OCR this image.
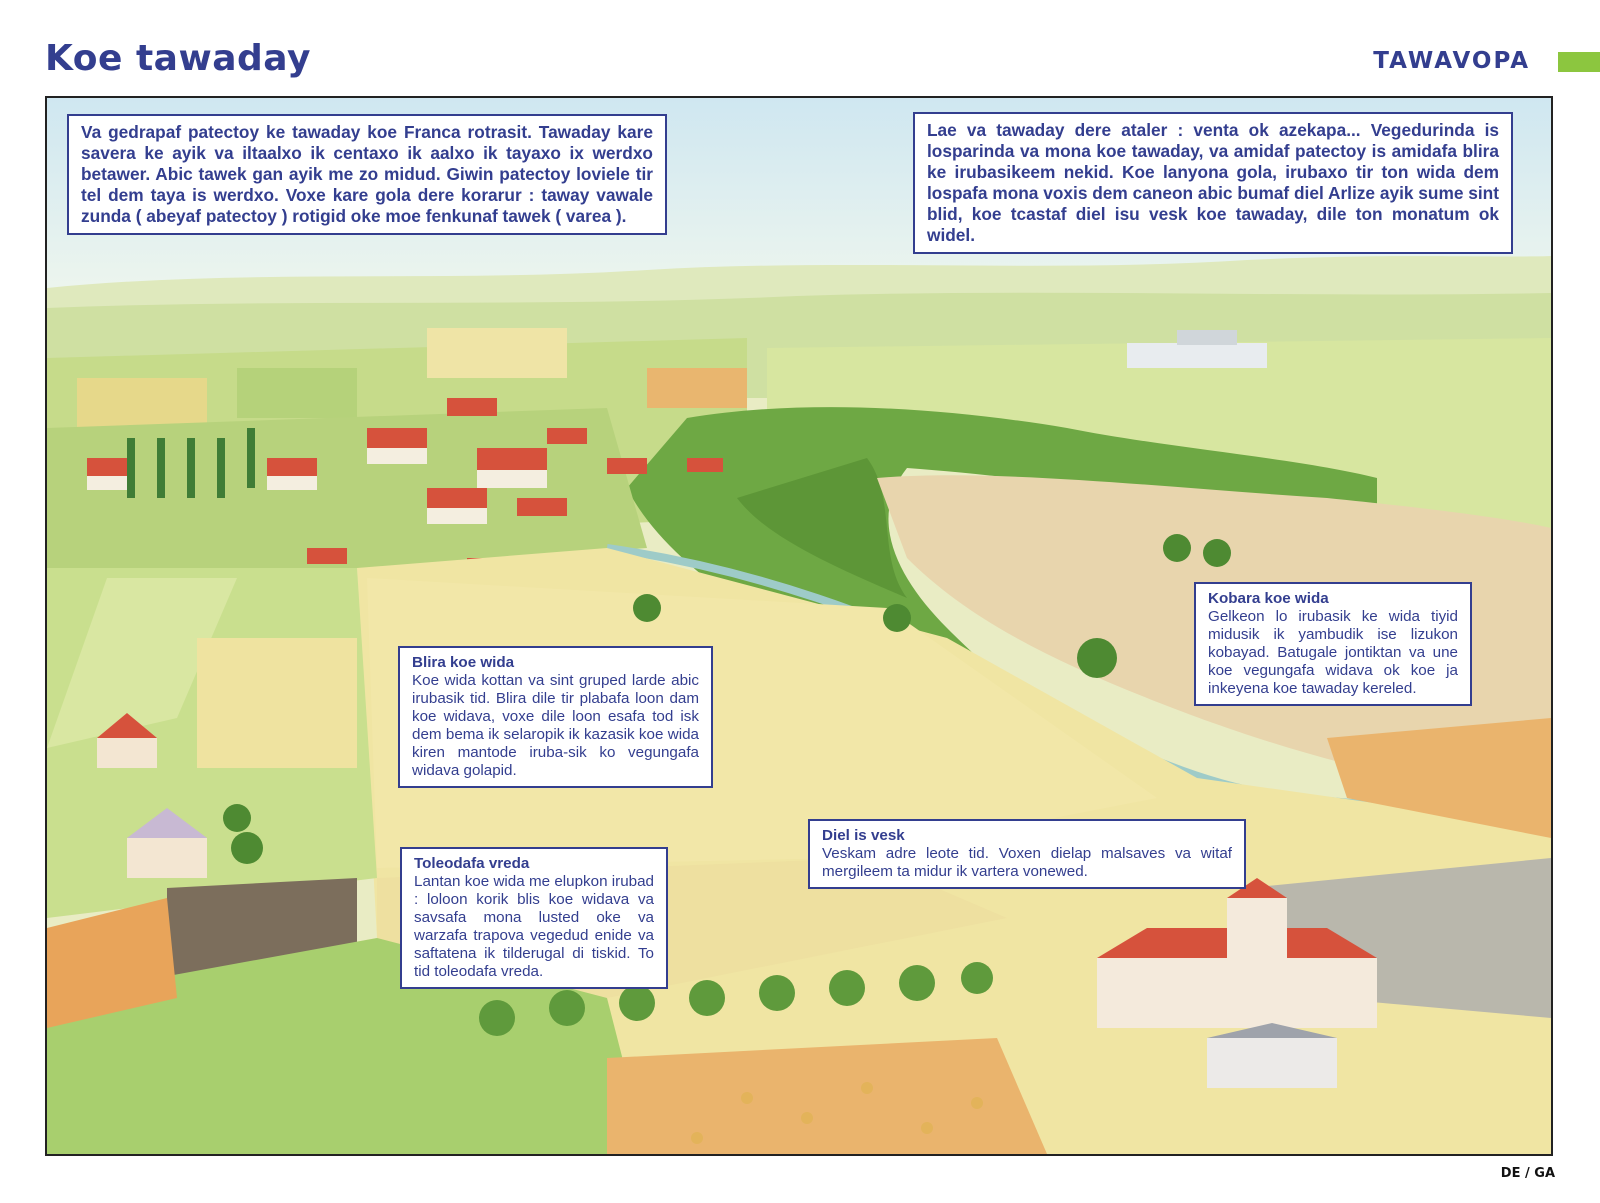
Koe tawaday	TAWAVOPA
Va gedrapaf patectoy ke tawaday koe Franca rotrasit. Tawaday kare savera ke ayik va iltaalxo ik centaxo ik aalxo ik tayaxo ix werdxo betawer. Abic tawek gan ayik me zo midud. Giwin patectoy loviele tir tel dem taya is werdxo. Voxe kare gola dere korarur : taway vawale zunda ( abeyaf patectoy ) rotigid oke moe fenkunaf tawek ( varea ).
Lae va tawaday dere ataler : venta ok azekapa... Vegedurinda is losparinda va mona koe tawaday, va amidaf patectoy is amidafa blira ke irubasikeem nekid. Koe lanyona gola, irubaxo tir ton wida dem lospafa mona voxis dem caneon abic bumaf diel Arlize ayik sume sint blid, koe tcastaf diel isu vesk koe tawaday, dile ton monatum ok widel.
Blira koe wida
Koe wida kottan va sint gruped larde abic irubasik tid. Blira dile tir plabafa loon dam koe widava, voxe dile loon esafa tod isk dem bema ik selaropik ik kazasik koe wida kiren mantode iruba-sik ko vegungafa widava golapid.
Toleodafa vreda
Lantan koe wida me elupkon irubad : loloon korik blis koe widava va savsafa mona lusted oke va warzafa trapova vegedud enide va saftatena ik tilderugal di tiskid. To tid toleodafa vreda.
Kobara koe wida
Gelkeon lo irubasik ke wida tiyid midusik ik yambudik ise lizukon kobayad. Batugale jontiktan va une koe vegungafa widava ok koe ja inkeyena koe tawaday kereled.
Diel is vesk
Veskam adre leote tid. Voxen dielap malsaves va witaf mergileem ta midur ik vartera vonewed.
DE / GA
